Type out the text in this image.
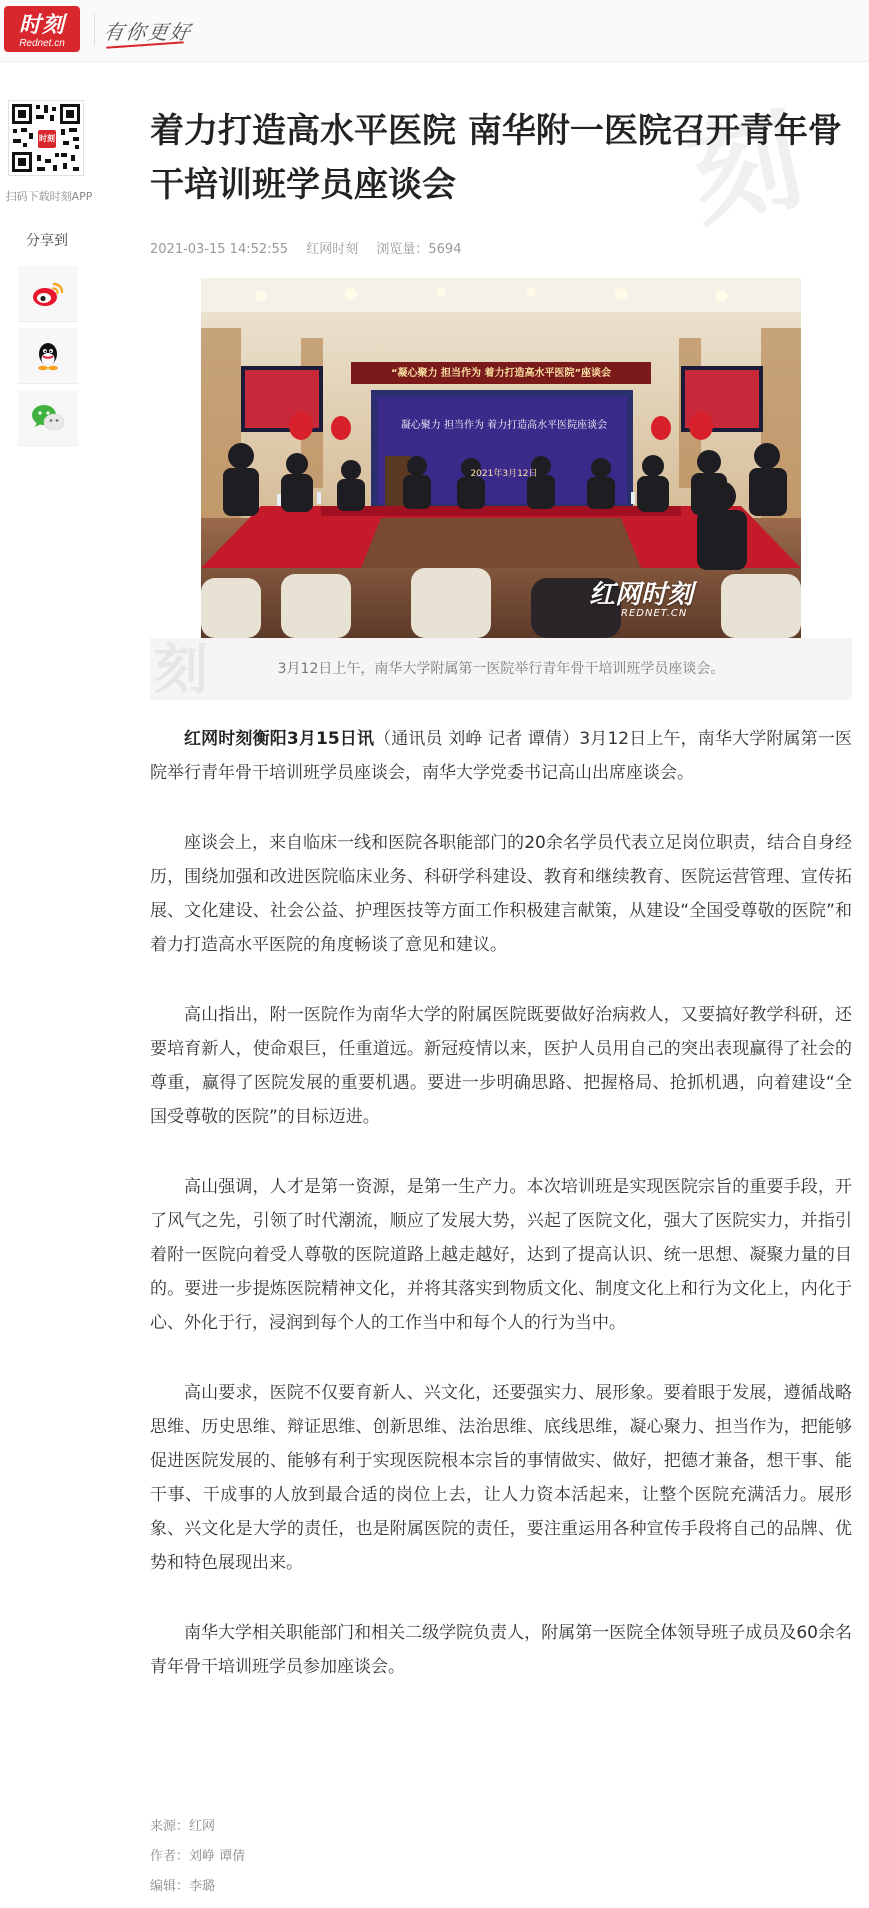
时刻
Rednet.cn	有你更好
时刻
扫码下载时刻APP
分享到	刻
着力打造高水平医院 南华附一医院召开青年骨干培训班学员座谈会
2021-03-15 14:52:55 红网时刻 浏览量：5694
“凝心聚力 担当作为 着力打造高水平医院”座谈会
凝心聚力 担当作为 着力打造高水平医院座谈会
2021年3月12日
红网时刻
REDNET.CN
刻	3月12日上午，南华大学附属第一医院举行青年骨干培训班学员座谈会。

红网时刻衡阳3月15日讯（通讯员 刘峥 记者 谭倩）3月12日上午，南华大学附属第一医院举行青年骨干培训班学员座谈会，南华大学党委书记高山出席座谈会。

座谈会上，来自临床一线和医院各职能部门的20余名学员代表立足岗位职责，结合自身经历，围绕加强和改进医院临床业务、科研学科建设、教育和继续教育、医院运营管理、宣传拓展、文化建设、社会公益、护理医技等方面工作积极建言献策，从建设“全国受尊敬的医院”和着力打造高水平医院的角度畅谈了意见和建议。

高山指出，附一医院作为南华大学的附属医院既要做好治病救人，又要搞好教学科研，还要培育新人，使命艰巨，任重道远。新冠疫情以来，医护人员用自己的突出表现赢得了社会的尊重，赢得了医院发展的重要机遇。要进一步明确思路、把握格局、抢抓机遇，向着建设“全国受尊敬的医院”的目标迈进。

高山强调，人才是第一资源，是第一生产力。本次培训班是实现医院宗旨的重要手段，开了风气之先，引领了时代潮流，顺应了发展大势，兴起了医院文化，强大了医院实力，并指引着附一医院向着受人尊敬的医院道路上越走越好，达到了提高认识、统一思想、凝聚力量的目的。要进一步提炼医院精神文化，并将其落实到物质文化、制度文化上和行为文化上，内化于心、外化于行，浸润到每个人的工作当中和每个人的行为当中。

高山要求，医院不仅要育新人、兴文化，还要强实力、展形象。要着眼于发展，遵循战略思维、历史思维、辩证思维、创新思维、法治思维、底线思维，凝心聚力、担当作为，把能够促进医院发展的、能够有利于实现医院根本宗旨的事情做实、做好，把德才兼备，想干事、能干事、干成事的人放到最合适的岗位上去，让人力资本活起来，让整个医院充满活力。展形象、兴文化是大学的责任，也是附属医院的责任，要注重运用各种宣传手段将自己的品牌、优势和特色展现出来。

南华大学相关职能部门和相关二级学院负责人，附属第一医院全体领导班子成员及60余名青年骨干培训班学员参加座谈会。

来源：红网
作者：刘峥 谭倩
编辑：李璐
